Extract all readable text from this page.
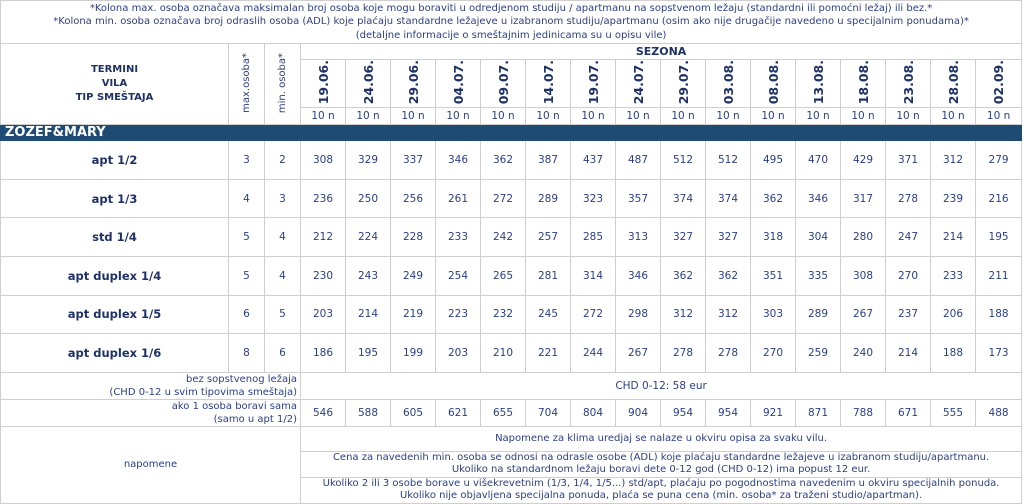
*Kolona max. osoba označava maksimalan broj osoba koje mogu boraviti u odredjenom studiju / apartmanu na sopstvenom ležaju (standardni ili pomoćni ležaj) ili bez.*
*Kolona min. osoba označava broj odraslih osoba (ADL) koje plaćaju standardne ležajeve u izabranom studiju/apartmanu (osim ako nije drugačije navedeno u specijalnim ponudama)*
(detaljne informacije o smeštajnim jedinicama su u opisu vile)																		

TERMINI
VILA
TIP SMEŠTAJA	max.osoba*	min. osoba*	SEZONA															
			19.06.	24.06.	29.06.	04.07.	09.07.	14.07.	19.07.	24.07.	29.07.	03.08.	08.08.	13.08.	18.08.	23.08.	28.08.	02.09.
			10 n	10 n	10 n	10 n	10 n	10 n	10 n	10 n	10 n	10 n	10 n	10 n	10 n	10 n	10 n	10 n
ZOZEF&MARY																		
apt 1/2	3	2	308	329	337	346	362	387	437	487	512	512	495	470	429	371	312	279
apt 1/3	4	3	236	250	256	261	272	289	323	357	374	374	362	346	317	278	239	216
std 1/4	5	4	212	224	228	233	242	257	285	313	327	327	318	304	280	247	214	195
apt duplex 1/4	5	4	230	243	249	254	265	281	314	346	362	362	351	335	308	270	233	211
apt duplex 1/5	6	5	203	214	219	223	232	245	272	298	312	312	303	289	267	237	206	188
apt duplex 1/6	8	6	186	195	199	203	210	221	244	267	278	278	270	259	240	214	188	173

bez sopstvenog ležaja
(CHD 0-12 u svim tipovima smeštaja)			CHD 0-12: 58 eur															

ako 1 osoba boravi sama
(samo u apt 1/2)			546	588	605	621	655	704	804	904	954	954	921	871	788	671	555	488
napomene			Napomene za klima uredjaj se nalaze u okviru opisa za svaku vilu.															

			Cena za navedenih min. osoba se odnosi na odrasle osobe (ADL) koje plaćaju standardne ležajeve u izabranom studiju/apartmanu.
Ukoliko na standardnom ležaju boravi dete 0-12 god (CHD 0-12) ima popust 12 eur.															

			Ukoliko 2 ili 3 osobe borave u višekrevetnim (1/3, 1/4, 1/5...) std/apt, plaćaju po pogodnostima navedenim u okviru specijalnih ponuda.
Ukoliko nije objavljena specijalna ponuda, plaća se puna cena (min. osoba* za traženi studio/apartman).															
